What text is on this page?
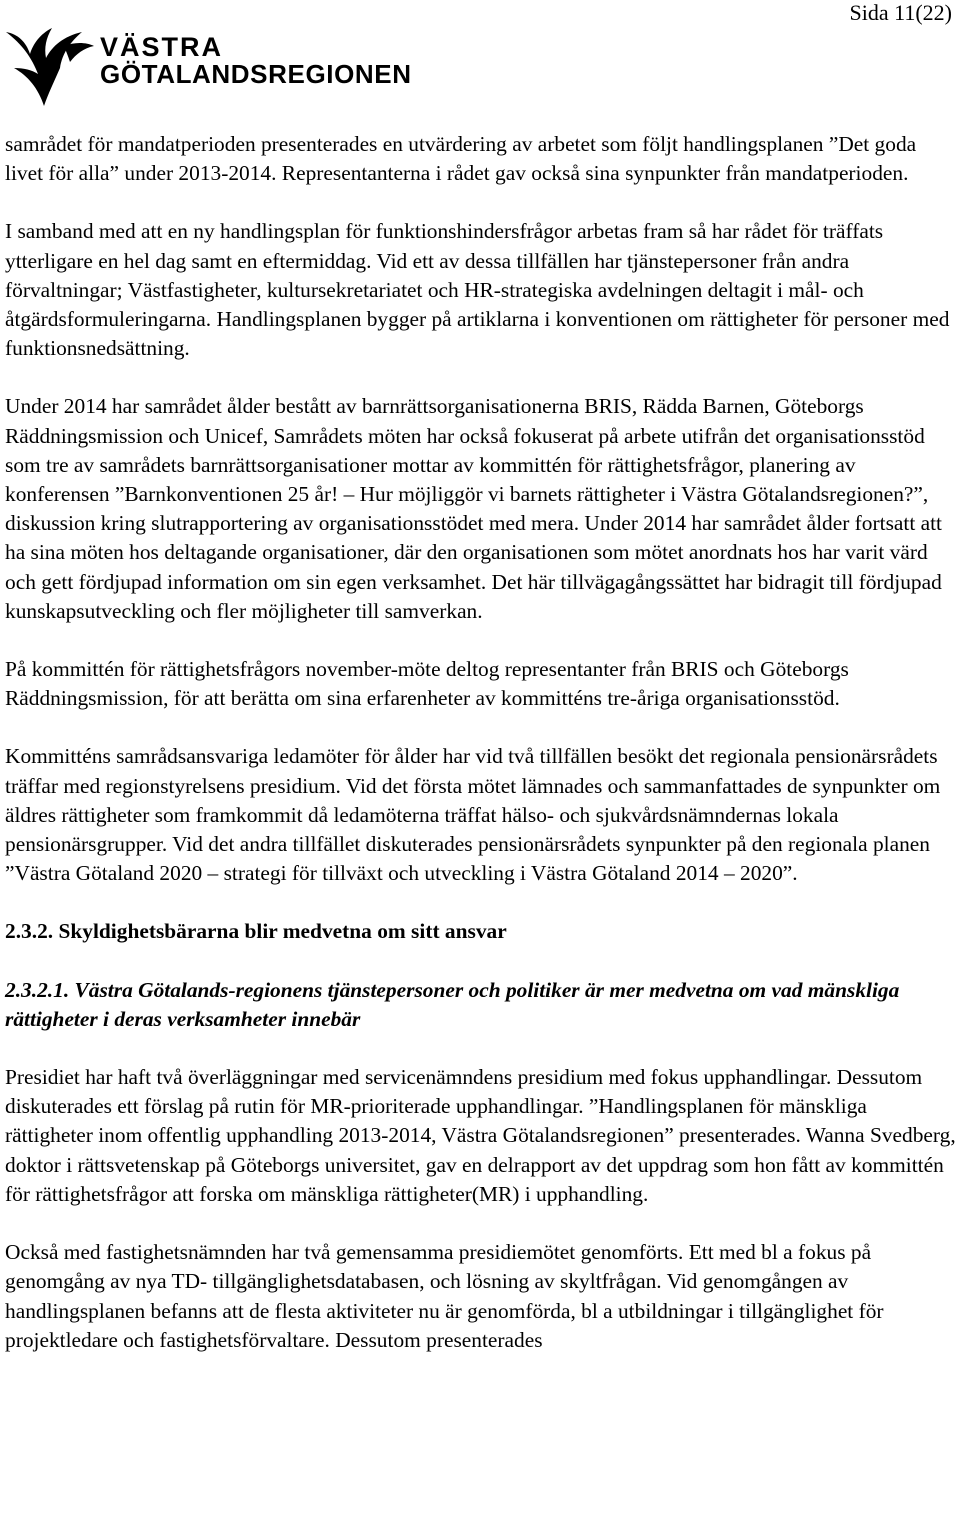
VÄSTRA
GÖTALANDSREGIONEN
Sida 11(22)

samrådet för mandatperioden presenterades en utvärdering av arbetet som följt handlingsplanen ”Det goda livet för alla” under 2013-2014. Representanterna i rådet gav också sina synpunkter från mandatperioden.

I samband med att en ny handlingsplan för funktionshindersfrågor arbetas fram så har rådet för träffats ytterligare en hel dag samt en eftermiddag. Vid ett av dessa tillfällen har tjänstepersoner från andra förvaltningar; Västfastigheter, kultursekretariatet och HR-strategiska avdelningen deltagit i mål- och åtgärdsformuleringarna. Handlingsplanen bygger på artiklarna i konventionen om rättigheter för personer med funktionsnedsättning.

Under 2014 har samrådet ålder bestått av barnrättsorganisationerna BRIS, Rädda Barnen, Göteborgs Räddningsmission och Unicef, Samrådets möten har också fokuserat på arbete utifrån det organisationsstöd som tre av samrådets barnrättsorganisationer mottar av kommittén för rättighetsfrågor, planering av konferensen ”Barnkonventionen 25 år! – Hur möjliggör vi barnets rättigheter i Västra Götalandsregionen?”, diskussion kring slutrapportering av organisationsstödet med mera. Under 2014 har samrådet ålder fortsatt att ha sina möten hos deltagande organisationer, där den organisationen som mötet anordnats hos har varit värd och gett fördjupad information om sin egen verksamhet. Det här tillvägagångssättet har bidragit till fördjupad kunskapsutveckling och fler möjligheter till samverkan.

På kommittén för rättighetsfrågors november-möte deltog representanter från BRIS och Göteborgs Räddningsmission, för att berätta om sina erfarenheter av kommitténs tre-åriga organisationsstöd.

Kommitténs samrådsansvariga ledamöter för ålder har vid två tillfällen besökt det regionala pensionärsrådets träffar med regionstyrelsens presidium. Vid det första mötet lämnades och sammanfattades de synpunkter om äldres rättigheter som framkommit då ledamöterna träffat hälso- och sjukvårdsnämndernas lokala pensionärsgrupper. Vid det andra tillfället diskuterades pensionärsrådets synpunkter på den regionala planen ”Västra Götaland 2020 – strategi för tillväxt och utveckling i Västra Götaland 2014 – 2020”.

2.3.2. Skyldighetsbärarna blir medvetna om sitt ansvar
2.3.2.1. Västra Götalands-regionens tjänstepersoner och politiker är mer medvetna om vad mänskliga rättigheter i deras verksamheter innebär

Presidiet har haft två överläggningar med servicenämndens presidium med fokus upphandlingar. Dessutom diskuterades ett förslag på rutin för MR-prioriterade upphandlingar. ”Handlingsplanen för mänskliga rättigheter inom offentlig upphandling 2013-2014, Västra Götalandsregionen” presenterades. Wanna Svedberg, doktor i rättsvetenskap på Göteborgs universitet, gav en delrapport av det uppdrag som hon fått av kommittén för rättighetsfrågor att forska om mänskliga rättigheter(MR) i upphandling.

Också med fastighetsnämnden har två gemensamma presidiemötet genomförts. Ett med bl a fokus på genomgång av nya TD- tillgänglighetsdatabasen, och lösning av skyltfrågan. Vid genomgången av handlingsplanen befanns att de flesta aktiviteter nu är genomförda, bl a utbildningar i tillgänglighet för projektledare och fastighetsförvaltare. Dessutom presenterades
